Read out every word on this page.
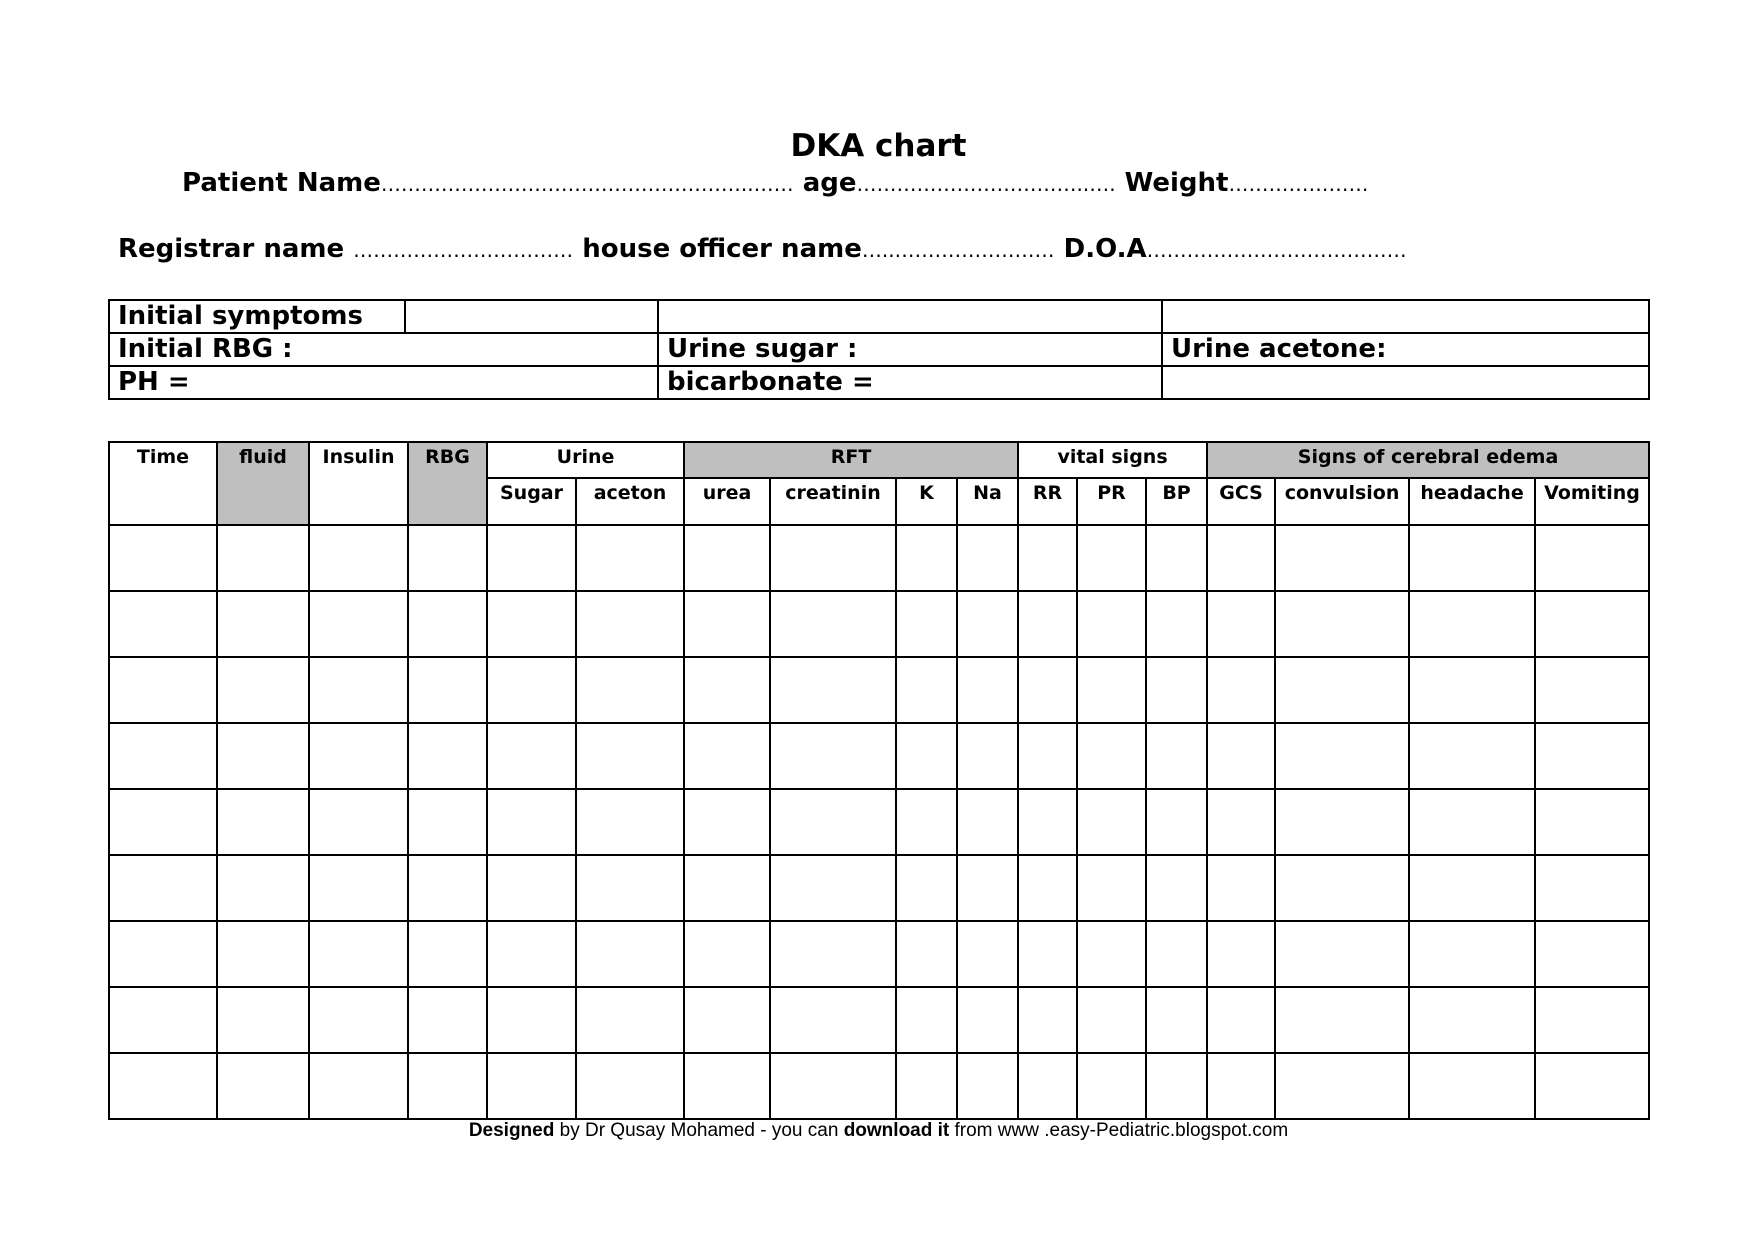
DKA chart
Patient Name………………………………………………..…… age……………………………..…. Weight…………………
Registrar name …………………………… house officer name…..…………………… D.O.A…………………………………
Initial symptoms			
Initial RBG :		Urine sugar :	Urine acetone:
PH =		bicarbonate =	
Time	fluid	Insulin	RBG	Urine		RFT				vital signs			Signs of cerebral edema			
				Sugar	aceton	urea	creatinin	K	Na	RR	PR	BP	GCS	convulsion	headache	Vomiting

Designed by Dr Qusay Mohamed - you can download it from www .easy-Pediatric.blogspot.com
